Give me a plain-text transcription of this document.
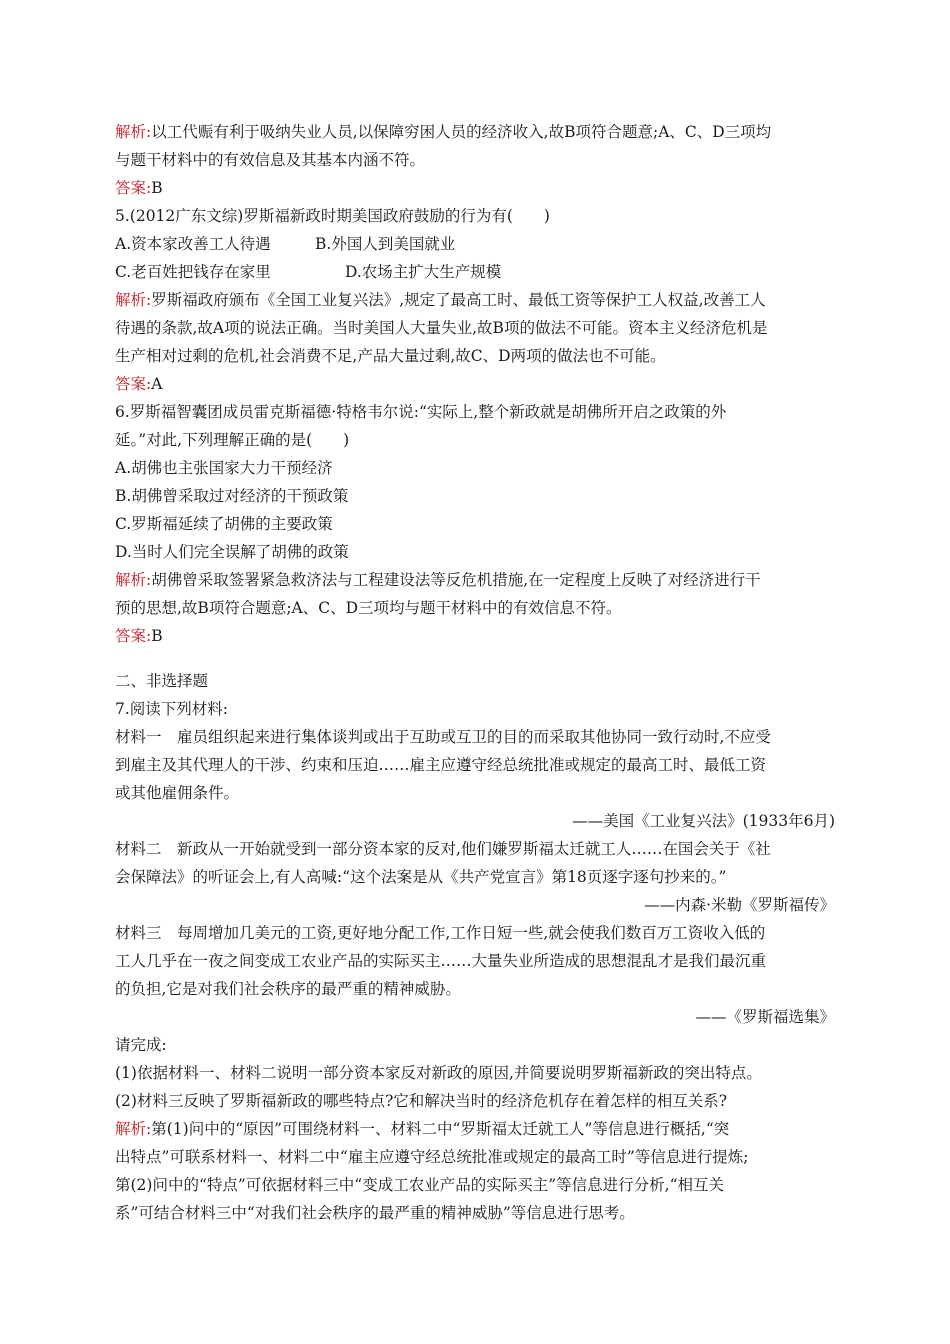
解析:以工代赈有利于吸纳失业人员,以保障穷困人员的经济收入,故B项符合题意;A、C、D三项均
与题干材料中的有效信息及其基本内涵不符。
答案:B
5.(2012广东文综)罗斯福新政时期美国政府鼓励的行为有(　　)
A.资本家改善工人待遇	B.外国人到美国就业
C.老百姓把钱存在家里	D.农场主扩大生产规模
解析:罗斯福政府颁布《全国工业复兴法》,规定了最高工时、最低工资等保护工人权益,改善工人
待遇的条款,故A项的说法正确。当时美国人大量失业,故B项的做法不可能。资本主义经济危机是
生产相对过剩的危机,社会消费不足,产品大量过剩,故C、D两项的做法也不可能。
答案:A
6.罗斯福智囊团成员雷克斯福德·特格韦尔说:“实际上,整个新政就是胡佛所开启之政策的外
延。”对此,下列理解正确的是(　　)
A.胡佛也主张国家大力干预经济
B.胡佛曾采取过对经济的干预政策
C.罗斯福延续了胡佛的主要政策
D.当时人们完全误解了胡佛的政策
解析:胡佛曾采取签署紧急救济法与工程建设法等反危机措施,在一定程度上反映了对经济进行干
预的思想,故B项符合题意;A、C、D三项均与题干材料中的有效信息不符。
答案:B
二、非选择题
7.阅读下列材料:
材料一　雇员组织起来进行集体谈判或出于互助或互卫的目的而采取其他协同一致行动时,不应受
到雇主及其代理人的干涉、约束和压迫……雇主应遵守经总统批准或规定的最高工时、最低工资
或其他雇佣条件。
——美国《工业复兴法》(1933年6月)
材料二　新政从一开始就受到一部分资本家的反对,他们嫌罗斯福太迁就工人……在国会关于《社
会保障法》的听证会上,有人高喊:“这个法案是从《共产党宣言》第18页逐字逐句抄来的。”
——内森·米勒《罗斯福传》
材料三　每周增加几美元的工资,更好地分配工作,工作日短一些,就会使我们数百万工资收入低的
工人几乎在一夜之间变成工农业产品的实际买主……大量失业所造成的思想混乱才是我们最沉重
的负担,它是对我们社会秩序的最严重的精神威胁。
——《罗斯福选集》
请完成:
(1)依据材料一、材料二说明一部分资本家反对新政的原因,并简要说明罗斯福新政的突出特点。
(2)材料三反映了罗斯福新政的哪些特点?它和解决当时的经济危机存在着怎样的相互关系?
解析:第(1)问中的“原因”可围绕材料一、材料二中“罗斯福太迁就工人”等信息进行概括,“突
出特点”可联系材料一、材料二中“雇主应遵守经总统批准或规定的最高工时”等信息进行提炼;
第(2)问中的“特点”可依据材料三中“变成工农业产品的实际买主”等信息进行分析,“相互关
系”可结合材料三中“对我们社会秩序的最严重的精神威胁”等信息进行思考。
